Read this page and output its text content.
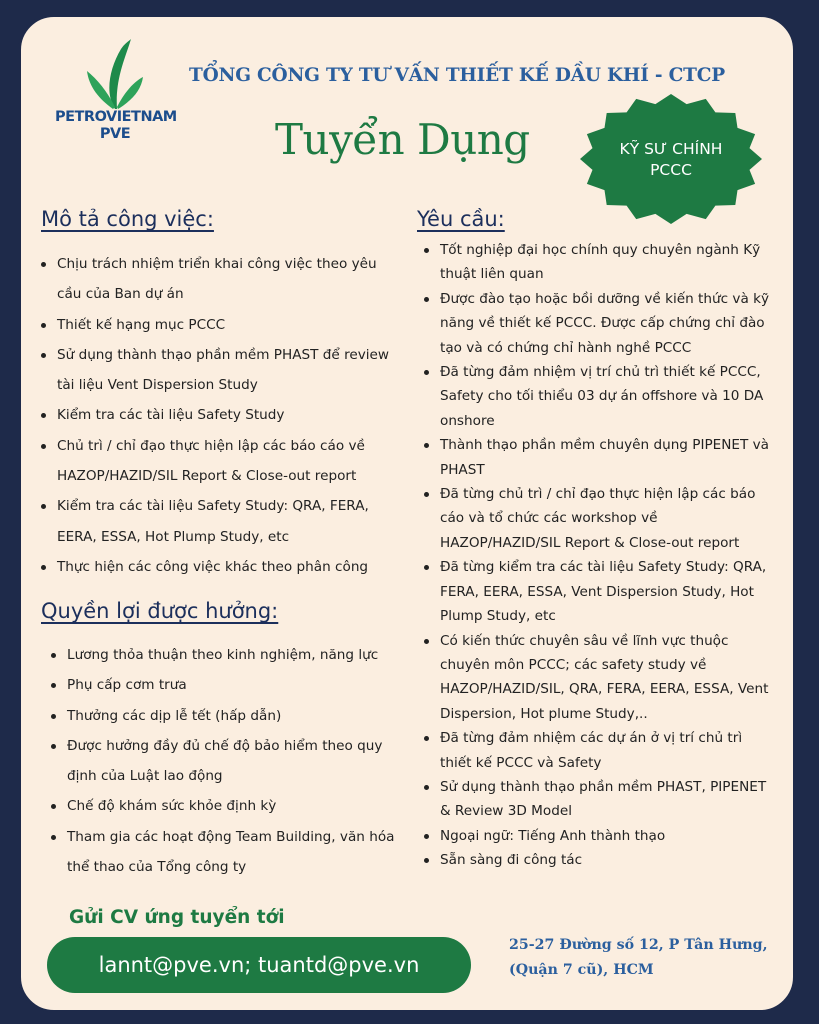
PETROVIETNAM
PVE
TỔNG CÔNG TY TƯ VẤN THIẾT KẾ DẦU KHÍ - CTCP
Tuyển Dụng	KỸ SƯ CHÍNH
PCCC
Mô tả công việc:
Chịu trách nhiệm triển khai công việc theo yêu cầu của Ban dự án
Thiết kế hạng mục PCCC
Sử dụng thành thạo phần mềm PHAST để review tài liệu Vent Dispersion Study
Kiểm tra các tài liệu Safety Study
Chủ trì / chỉ đạo thực hiện lập các báo cáo về HAZOP/HAZID/SIL Report & Close-out report
Kiểm tra các tài liệu Safety Study: QRA, FERA, EERA, ESSA, Hot Plump Study, etc
Thực hiện các công việc khác theo phân công
Quyền lợi được hưởng:
Lương thỏa thuận theo kinh nghiệm, năng lực
Phụ cấp cơm trưa
Thưởng các dịp lễ tết (hấp dẫn)
Được hưởng đầy đủ chế độ bảo hiểm theo quy định của Luật lao động
Chế độ khám sức khỏe định kỳ
Tham gia các hoạt động Team Building, văn hóa thể thao của Tổng công ty
Yêu cầu:
Tốt nghiệp đại học chính quy chuyên ngành Kỹ thuật liên quan
Được đào tạo hoặc bồi dưỡng về kiến thức và kỹ năng về thiết kế PCCC. Được cấp chứng chỉ đào tạo và có chứng chỉ hành nghề PCCC
Đã từng đảm nhiệm vị trí chủ trì thiết kế PCCC, Safety cho tối thiểu 03 dự án offshore và 10 DA onshore
Thành thạo phần mềm chuyên dụng PIPENET và PHAST
Đã từng chủ trì / chỉ đạo thực hiện lập các báo cáo và tổ chức các workshop về HAZOP/HAZID/SIL Report & Close-out report
Đã từng kiểm tra các tài liệu Safety Study: QRA, FERA, EERA, ESSA, Vent Dispersion Study, Hot Plump Study, etc
Có kiến thức chuyên sâu về lĩnh vực thuộc chuyên môn PCCC; các safety study về HAZOP/HAZID/SIL, QRA, FERA, EERA, ESSA, Vent Dispersion, Hot plume Study,..
Đã từng đảm nhiệm các dự án ở vị trí chủ trì thiết kế PCCC và Safety
Sử dụng thành thạo phần mềm PHAST, PIPENET & Review 3D Model
Ngoại ngữ: Tiếng Anh thành thạo
Sẵn sàng đi công tác
Gửi CV ứng tuyển tới
lannt@pve.vn; tuantd@pve.vn
25-27 Đường số 12, P Tân Hưng,
(Quận 7 cũ), HCM
